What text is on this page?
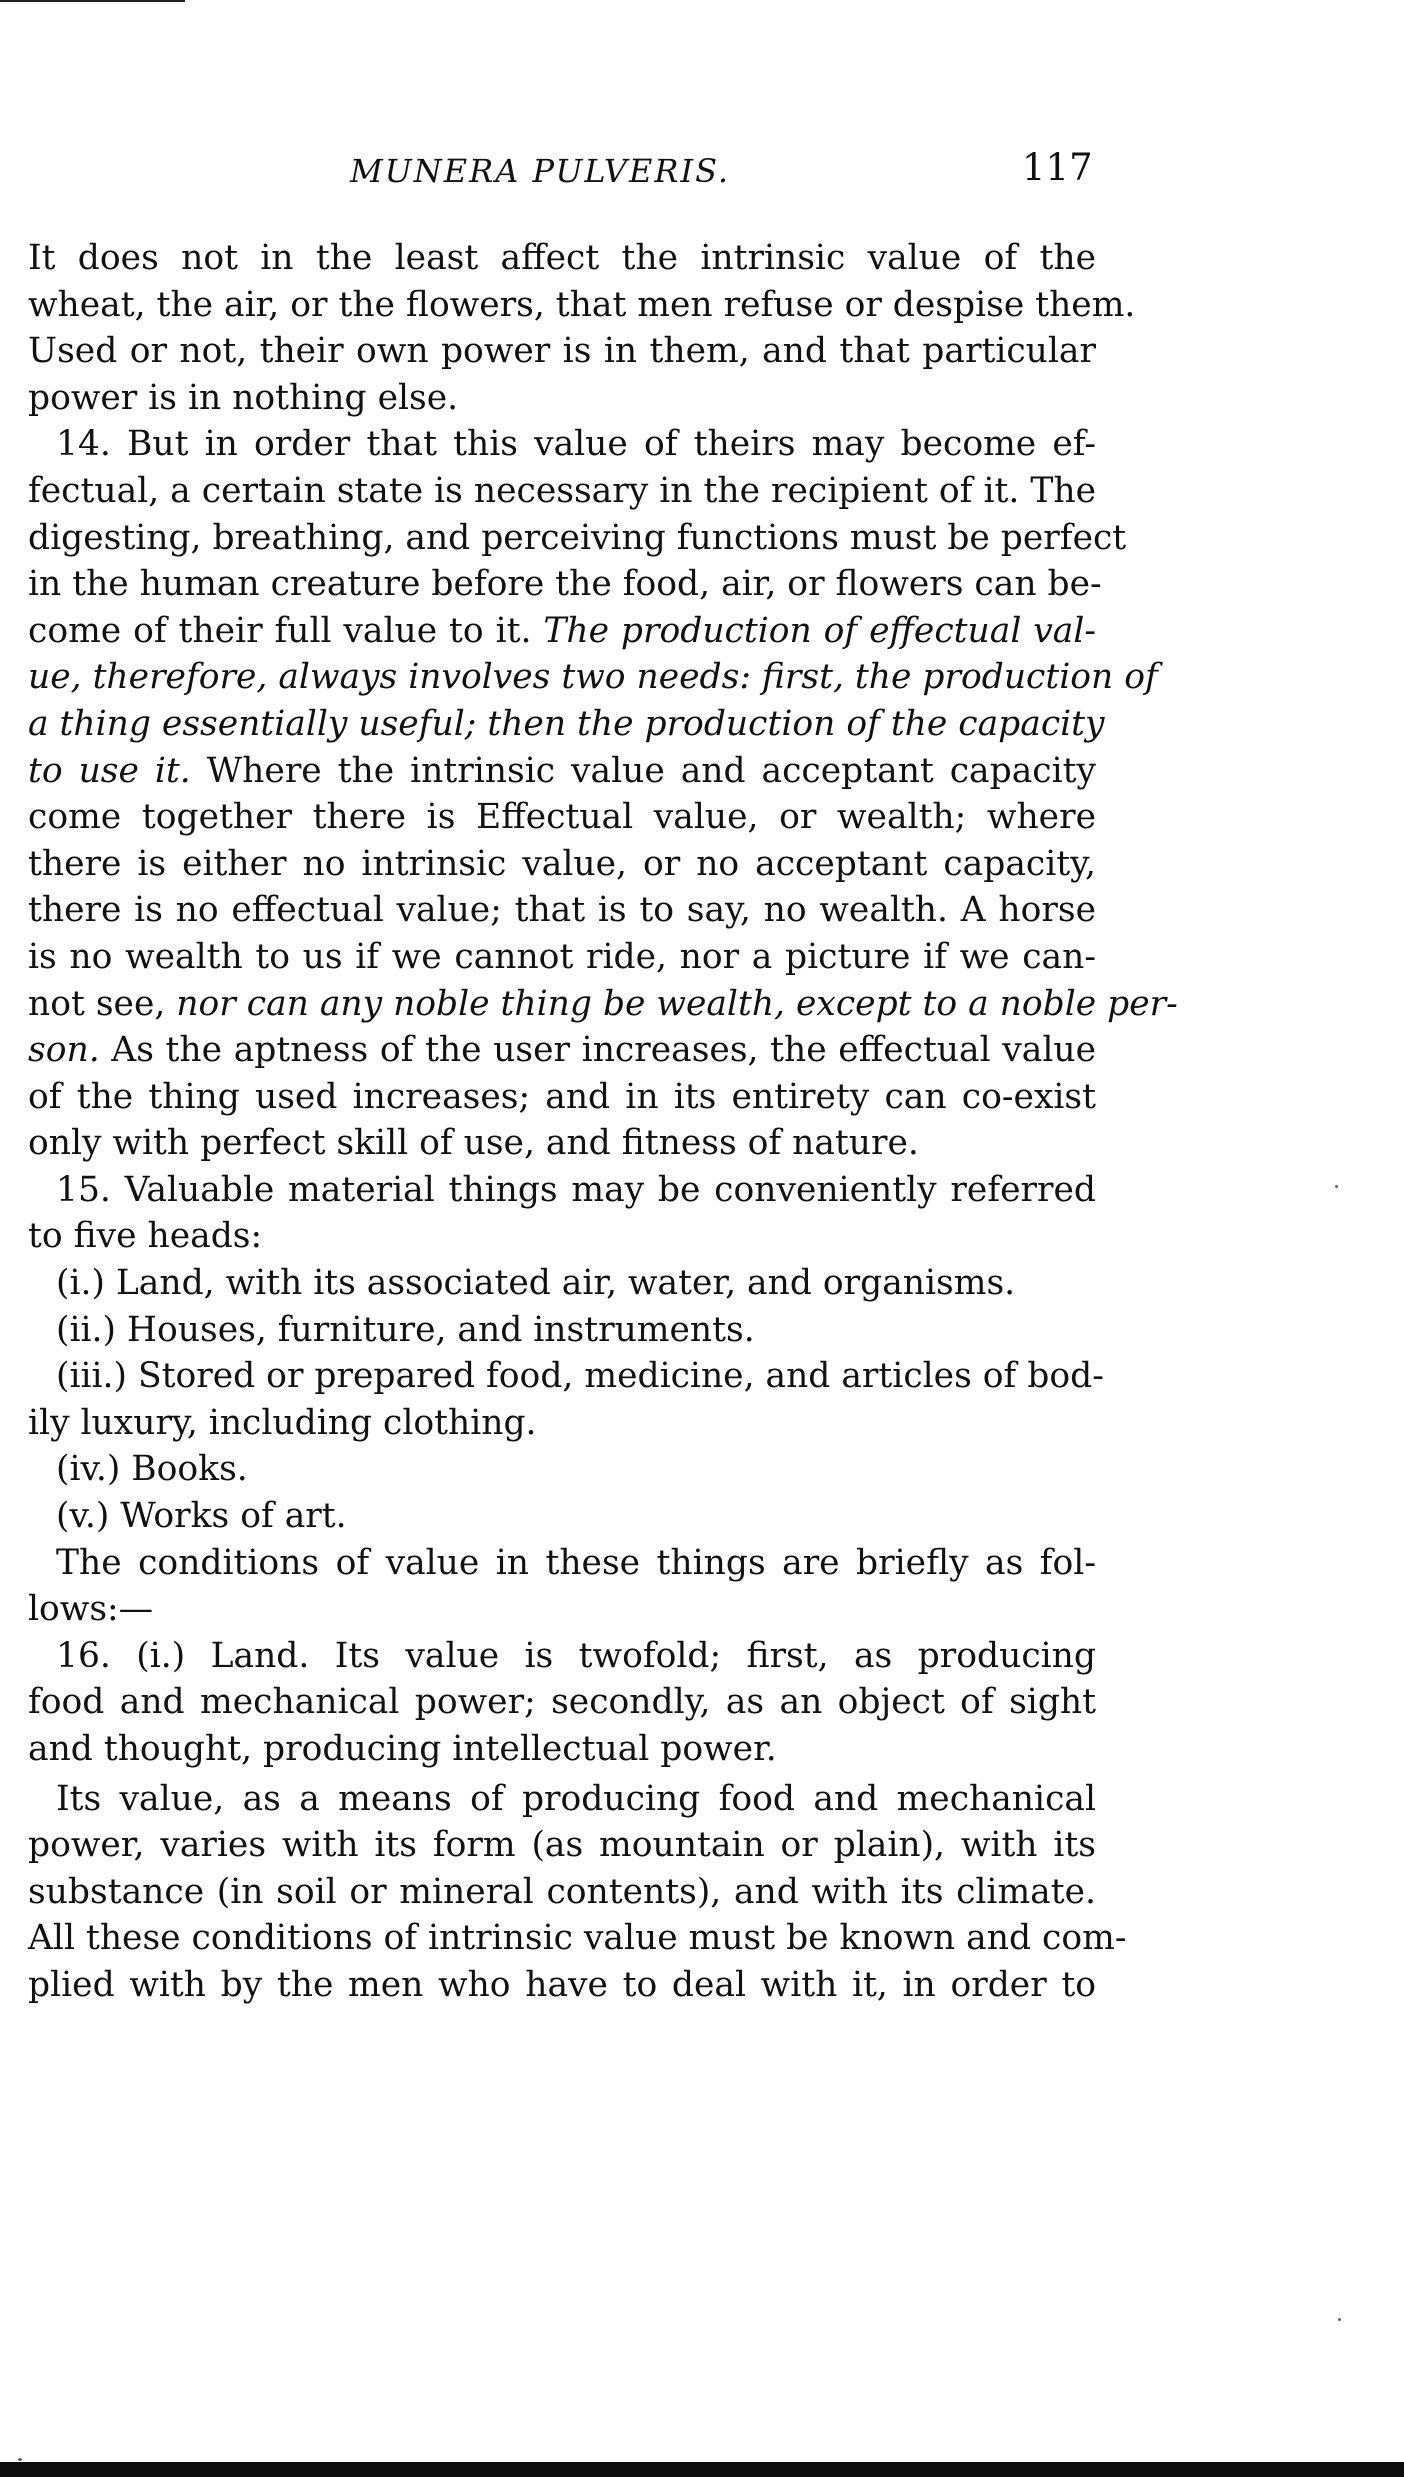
MUNERA PULVERIS.	117
It does not in the least affect the intrinsic value of the
wheat, the air, or the flowers, that men refuse or despise them.
Used or not, their own power is in them, and that particular
power is in nothing else.
14. But in order that this value of theirs may become ef-
fectual, a certain state is necessary in the recipient of it. The
digesting, breathing, and perceiving functions must be perfect
in the human creature before the food, air, or flowers can be-
come of their full value to it. The production of effectual val-
ue, therefore, always involves two needs: first, the production of
a thing essentially useful; then the production of the capacity
to use it. Where the intrinsic value and acceptant capacity
come together there is Effectual value, or wealth; where
there is either no intrinsic value, or no acceptant capacity,
there is no effectual value; that is to say, no wealth. A horse
is no wealth to us if we cannot ride, nor a picture if we can-
not see, nor can any noble thing be wealth, except to a noble per-
son. As the aptness of the user increases, the effectual value
of the thing used increases; and in its entirety can co-exist
only with perfect skill of use, and fitness of nature.
15. Valuable material things may be conveniently referred
to five heads:
(i.) Land, with its associated air, water, and organisms.
(ii.) Houses, furniture, and instruments.
(iii.) Stored or prepared food, medicine, and articles of bod-
ily luxury, including clothing.
(iv.) Books.
(v.) Works of art.
The conditions of value in these things are briefly as fol-
lows:—
16. (i.) Land. Its value is twofold; first, as producing
food and mechanical power; secondly, as an object of sight
and thought, producing intellectual power.
Its value, as a means of producing food and mechanical
power, varies with its form (as mountain or plain), with its
substance (in soil or mineral contents), and with its climate.
All these conditions of intrinsic value must be known and com-
plied with by the men who have to deal with it, in order to
